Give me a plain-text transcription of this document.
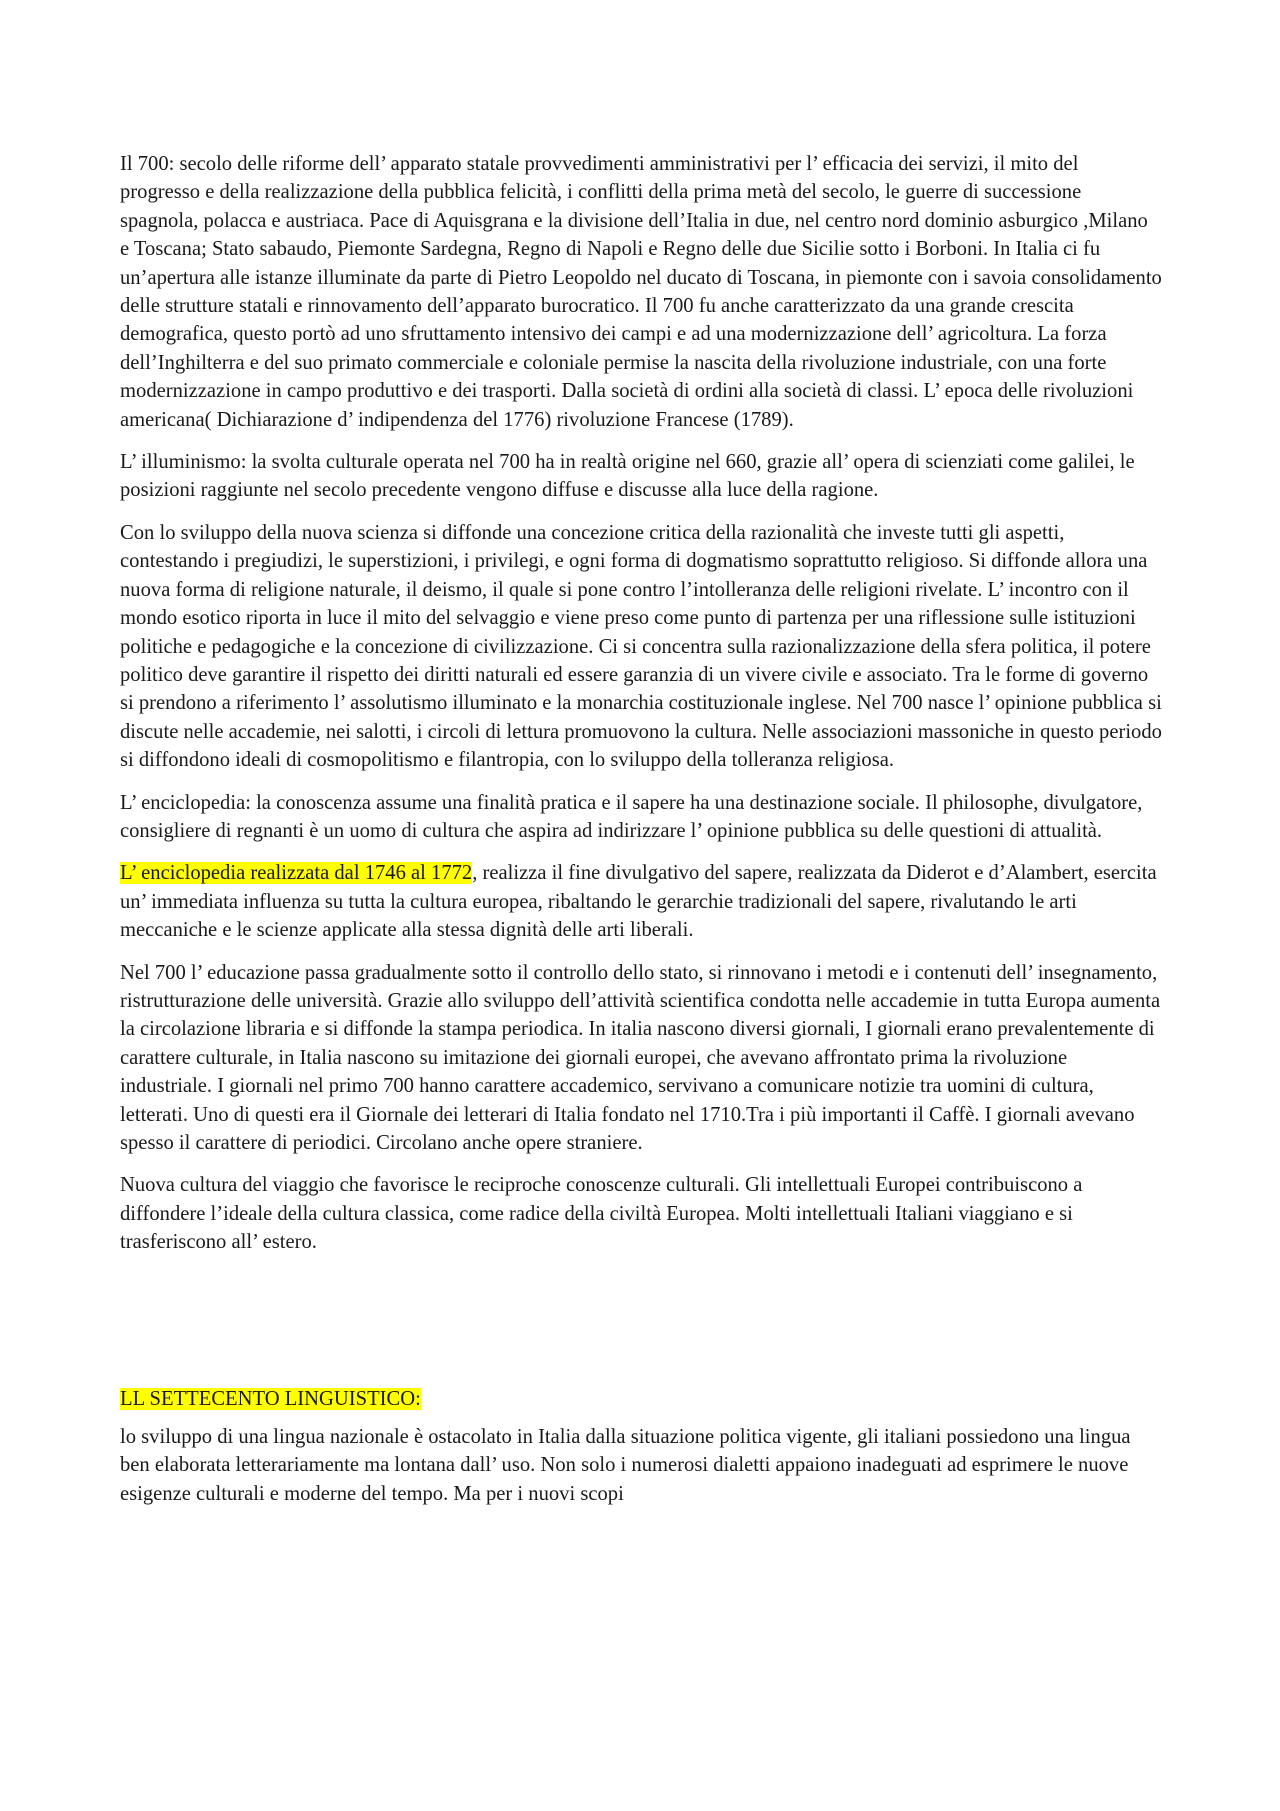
Il 700: secolo delle riforme dell’ apparato statale provvedimenti amministrativi per l’ efficacia dei servizi, il mito del progresso e della realizzazione della pubblica felicità, i conflitti della prima metà del secolo, le guerre di successione spagnola, polacca e austriaca. Pace di Aquisgrana e la divisione dell’Italia in due, nel centro nord dominio asburgico ,Milano e Toscana; Stato sabaudo, Piemonte Sardegna, Regno di Napoli e Regno delle due Sicilie sotto i Borboni. In Italia ci fu un’apertura alle istanze illuminate da parte di Pietro Leopoldo nel ducato di Toscana, in piemonte con i savoia consolidamento delle strutture statali e rinnovamento dell’apparato burocratico. Il 700 fu anche caratterizzato da una grande crescita demografica, questo portò ad uno sfruttamento intensivo dei campi e ad una modernizzazione dell’ agricoltura. La forza dell’Inghilterra e del suo primato commerciale e coloniale permise la nascita della rivoluzione industriale, con una forte modernizzazione in campo produttivo e dei trasporti. Dalla società di ordini alla società di classi. L’ epoca delle rivoluzioni americana( Dichiarazione d’ indipendenza del 1776) rivoluzione Francese (1789).

L’ illuminismo: la svolta culturale operata nel 700 ha in realtà origine nel 660, grazie all’ opera di scienziati come galilei, le posizioni raggiunte nel secolo precedente vengono diffuse e discusse alla luce della ragione.

Con lo sviluppo della nuova scienza si diffonde una concezione critica della razionalità che investe tutti gli aspetti, contestando i pregiudizi, le superstizioni, i privilegi, e ogni forma di dogmatismo soprattutto religioso. Si diffonde allora una nuova forma di religione naturale, il deismo, il quale si pone contro l’intolleranza delle religioni rivelate. L’ incontro con il mondo esotico riporta in luce il mito del selvaggio e viene preso come punto di partenza per una riflessione sulle istituzioni politiche e pedagogiche e la concezione di civilizzazione. Ci si concentra sulla razionalizzazione della sfera politica, il potere politico deve garantire il rispetto dei diritti naturali ed essere garanzia di un vivere civile e associato. Tra le forme di governo si prendono a riferimento l’ assolutismo illuminato e la monarchia costituzionale inglese. Nel 700 nasce l’ opinione pubblica si discute nelle accademie, nei salotti, i circoli di lettura promuovono la cultura. Nelle associazioni massoniche in questo periodo si diffondono ideali di cosmopolitismo e filantropia, con lo sviluppo della tolleranza religiosa.

L’ enciclopedia: la conoscenza assume una finalità pratica e il sapere ha una destinazione sociale. Il philosophe, divulgatore, consigliere di regnanti è un uomo di cultura che aspira ad indirizzare l’ opinione pubblica su delle questioni di attualità.

L’ enciclopedia realizzata dal 1746 al 1772, realizza il fine divulgativo del sapere, realizzata da Diderot e d’Alambert, esercita un’ immediata influenza su tutta la cultura europea, ribaltando le gerarchie tradizionali del sapere, rivalutando le arti meccaniche e le scienze applicate alla stessa dignità delle arti liberali.

Nel 700 l’ educazione passa gradualmente sotto il controllo dello stato, si rinnovano i metodi e i contenuti dell’ insegnamento, ristrutturazione delle università. Grazie allo sviluppo dell’attività scientifica condotta nelle accademie in tutta Europa aumenta la circolazione libraria e si diffonde la stampa periodica. In italia nascono diversi giornali, I giornali erano prevalentemente di carattere culturale, in Italia nascono su imitazione dei giornali europei, che avevano affrontato prima la rivoluzione industriale. I giornali nel primo 700 hanno carattere accademico, servivano a comunicare notizie tra uomini di cultura, letterati. Uno di questi era il Giornale dei letterari di Italia fondato nel 1710.Tra i più importanti il Caffè. I giornali avevano spesso il carattere di periodici. Circolano anche opere straniere.

Nuova cultura del viaggio che favorisce le reciproche conoscenze culturali. Gli intellettuali Europei contribuiscono a diffondere l’ideale della cultura classica, come radice della civiltà Europea. Molti intellettuali Italiani viaggiano e si trasferiscono all’ estero.

LL SETTECENTO LINGUISTICO:

lo sviluppo di una lingua nazionale è ostacolato in Italia dalla situazione politica vigente, gli italiani possiedono una lingua ben elaborata letterariamente ma lontana dall’ uso. Non solo i numerosi dialetti appaiono inadeguati ad esprimere le nuove esigenze culturali e moderne del tempo. Ma per i nuovi scopi
